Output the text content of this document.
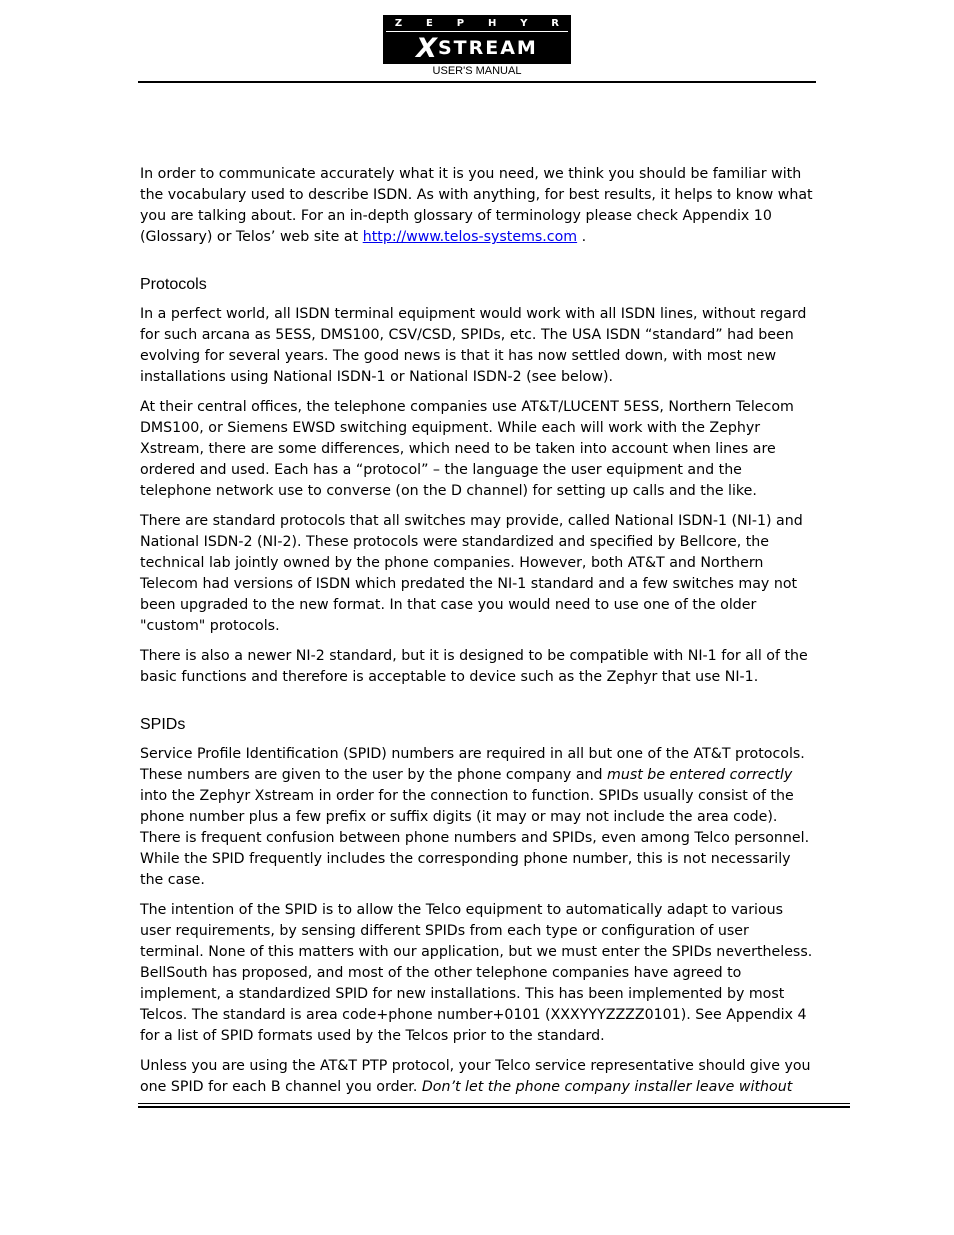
Z E P H Y R
X STREAM
USER'S MANUAL

In order to communicate accurately what it is you need, we think you should be familiar with the vocabulary used to describe ISDN. As with anything, for best results, it helps to know what you are talking about. For an in-depth glossary of terminology please check Appendix 10 (Glossary) or Telos’ web site at http://www.telos-systems.com .

Protocols

In a perfect world, all ISDN terminal equipment would work with all ISDN lines, without regard for such arcana as 5ESS, DMS100, CSV/CSD, SPIDs, etc. The USA ISDN “standard” had been evolving for several years. The good news is that it has now settled down, with most new installations using National ISDN-1 or National ISDN-2 (see below).

At their central offices, the telephone companies use AT&T/LUCENT 5ESS, Northern Telecom DMS100, or Siemens EWSD switching equipment. While each will work with the Zephyr Xstream, there are some differences, which need to be taken into account when lines are ordered and used. Each has a “protocol” – the language the user equipment and the telephone network use to converse (on the D channel) for setting up calls and the like.

There are standard protocols that all switches may provide, called National ISDN-1 (NI-1) and National ISDN-2 (NI-2). These protocols were standardized and specified by Bellcore, the technical lab jointly owned by the phone companies. However, both AT&T and Northern Telecom had versions of ISDN which predated the NI-1 standard and a few switches may not been upgraded to the new format. In that case you would need to use one of the older "custom" protocols.

There is also a newer NI-2 standard, but it is designed to be compatible with NI-1 for all of the basic functions and therefore is acceptable to device such as the Zephyr that use NI-1.

SPIDs

Service Profile Identification (SPID) numbers are required in all but one of the AT&T protocols. These numbers are given to the user by the phone company and must be entered correctly into the Zephyr Xstream in order for the connection to function. SPIDs usually consist of the phone number plus a few prefix or suffix digits (it may or may not include the area code). There is frequent confusion between phone numbers and SPIDs, even among Telco personnel. While the SPID frequently includes the corresponding phone number, this is not necessarily the case.

The intention of the SPID is to allow the Telco equipment to automatically adapt to various user requirements, by sensing different SPIDs from each type or configuration of user terminal. None of this matters with our application, but we must enter the SPIDs nevertheless. BellSouth has proposed, and most of the other telephone companies have agreed to implement, a standardized SPID for new installations. This has been implemented by most Telcos. The standard is area code+phone number+0101 (XXXYYYZZZZ0101). See Appendix 4 for a list of SPID formats used by the Telcos prior to the standard.

Unless you are using the AT&T PTP protocol, your Telco service representative should give you one SPID for each B channel you order. Don’t let the phone company installer leave without
